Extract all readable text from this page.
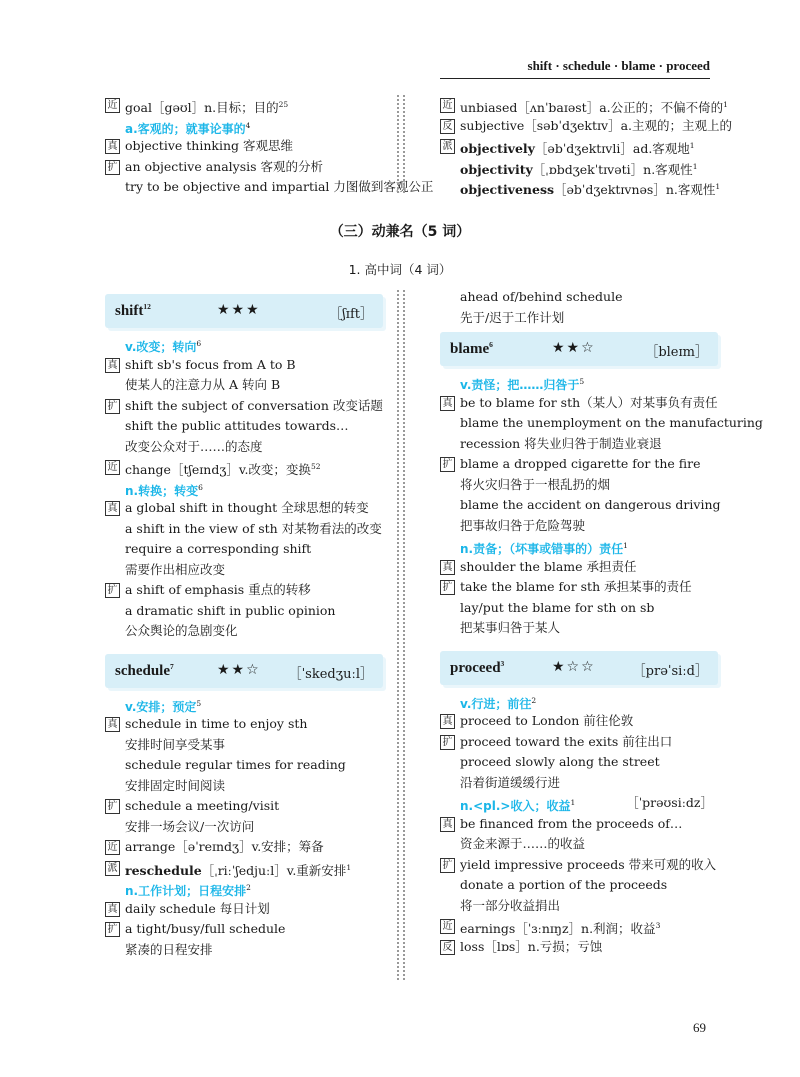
shift · schedule · blame · proceed
近 goal［gəʊl］n.目标；目的$^{25}$
a.客观的；就事论事的$^4$
真 objective thinking 客观思维
扩 an objective analysis 客观的分析
try to be objective and impartial 力图做到客观公正
近 unbiased［ʌnˈbaɪəst］a.公正的；不偏不倚的$^1$
反 subjective［səbˈdʒektɪv］a.主观的；主观上的
派 objectively［əbˈdʒektɪvli］ad.客观地$^1$
objectivity［ˌɒbdʒekˈtɪvəti］n.客观性$^1$
objectiveness［əbˈdʒektɪvnəs］n.客观性$^1$
（三）动兼名（5 词）
1. 高中词（4 词）
shift$^{12}$	★★★	［ʃɪft］
v.改变；转向$^6$
真 shift sb's focus from A to B
使某人的注意力从 A 转向 B
扩 shift the subject of conversation 改变话题
shift the public attitudes towards…
改变公众对于……的态度
近 change［tʃeɪndʒ］v.改变；变换$^{52}$
n.转换；转变$^6$
真 a global shift in thought 全球思想的转变
a shift in the view of sth 对某物看法的改变
require a corresponding shift
需要作出相应改变
扩 a shift of emphasis 重点的转移
a dramatic shift in public opinion
公众舆论的急剧变化
schedule$^7$	★★☆ ［ˈskedʒuːl］
v.安排；预定$^5$
真 schedule in time to enjoy sth
安排时间享受某事
schedule regular times for reading
安排固定时间阅读
扩 schedule a meeting/visit
安排一场会议/一次访问
近 arrange［əˈreɪndʒ］v.安排；筹备
派 reschedule［ˌriːˈʃedjuːl］v.重新安排$^1$
n.工作计划；日程安排$^2$
真 daily schedule 每日计划
扩 a tight/busy/full schedule
紧凑的日程安排
ahead of/behind schedule
先于/迟于工作计划
blame$^6$	★★☆	［bleɪm］
v.责怪；把……归咎于$^5$
真 be to blame for sth（某人）对某事负有责任
blame the unemployment on the manufacturing
recession 将失业归咎于制造业衰退
扩 blame a dropped cigarette for the fire
将火灾归咎于一根乱扔的烟
blame the accident on dangerous driving
把事故归咎于危险驾驶
n.责备；（坏事或错事的）责任$^1$
真 shoulder the blame 承担责任
扩 take the blame for sth 承担某事的责任
lay/put the blame for sth on sb
把某事归咎于某人
proceed$^3$	★☆☆	［prəˈsiːd］
v.行进；前往$^2$
真 proceed to London 前往伦敦
扩 proceed toward the exits 前往出口
proceed slowly along the street
沿着街道缓缓行进
n.<pl.>收入；收益$^1$	［ˈprəʊsiːdz］
真 be financed from the proceeds of…
资金来源于……的收益
扩 yield impressive proceeds 带来可观的收入
donate a portion of the proceeds
将一部分收益捐出
近 earnings［ˈɜːnɪŋz］n.利润；收益$^3$
反 loss［lɒs］n.亏损；亏蚀
69
